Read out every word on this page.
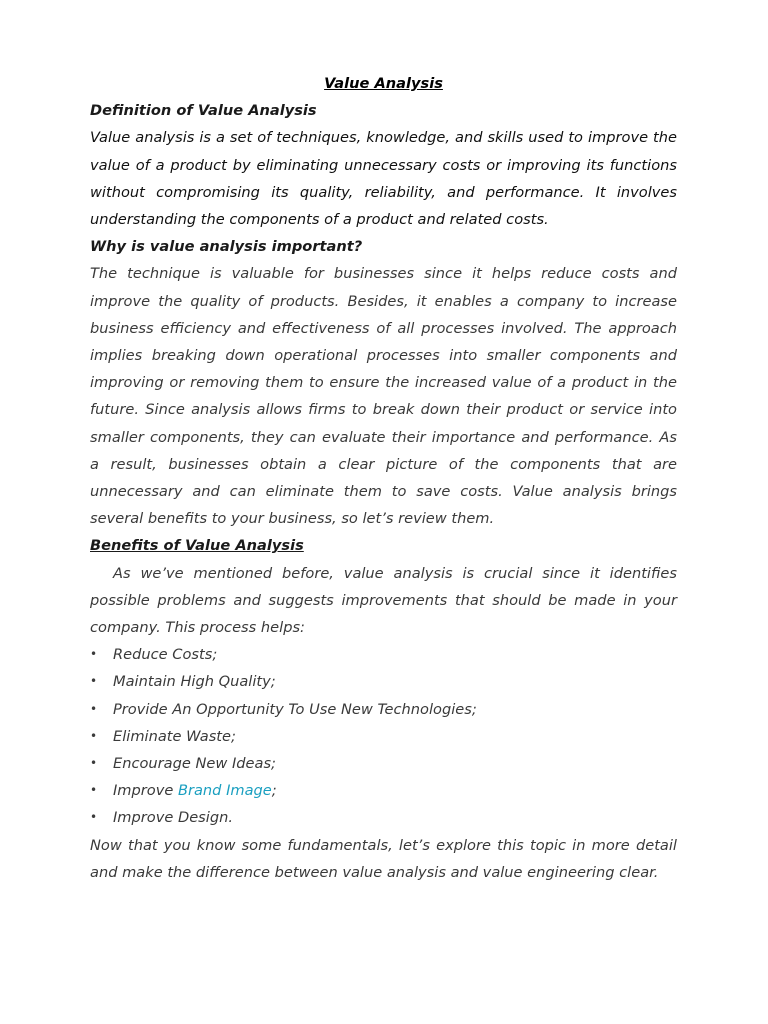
Value Analysis
Definition of Value Analysis
Value analysis is a set of techniques, knowledge, and skills used to improve the value of a product by eliminating unnecessary costs or improving its functions without compromising its quality, reliability, and performance. It involves understanding the components of a product and related costs.
Why is value analysis important?
The technique is valuable for businesses since it helps reduce costs and improve the quality of products. Besides, it enables a company to increase business efficiency and effectiveness of all processes involved. The approach implies breaking down operational processes into smaller components and improving or removing them to ensure the increased value of a product in the future. Since analysis allows firms to break down their product or service into smaller components, they can evaluate their importance and performance. As a result, businesses obtain a clear picture of the components that are unnecessary and can eliminate them to save costs. Value analysis brings several benefits to your business, so let’s review them.
Benefits of Value Analysis
As we’ve mentioned before, value analysis is crucial since it identifies possible problems and suggests improvements that should be made in your company. This process helps:
• Reduce Costs;
• Maintain High Quality;
• Provide An Opportunity To Use New Technologies;
• Eliminate Waste;
• Encourage New Ideas;
• Improve Brand Image;
• Improve Design.
Now that you know some fundamentals, let’s explore this topic in more detail and make the difference between value analysis and value engineering clear.
